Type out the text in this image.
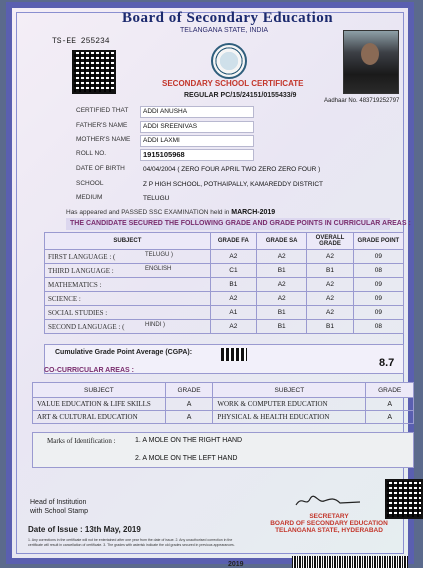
Board of Secondary Education
TELANGANA STATE, INDIA
TS-EE 255234
SECONDARY SCHOOL CERTIFICATE
REGULAR PC/15/24151/0155433/9
Aadhaar No. 483719252797
CERTIFIED THAT	ADDI ANUSHA
FATHER'S NAME	ADDI SREENIVAS
MOTHER'S NAME	ADDI LAXMI
ROLL NO.	1915105968
DATE OF BIRTH	04/04/2004 ( ZERO FOUR APRIL TWO ZERO ZERO FOUR )
SCHOOL	Z P HIGH SCHOOL, POTHAIPALLY, KAMAREDDY DISTRICT
MEDIUM	TELUGU
Has appeared and PASSED SSC EXAMINATION held in MARCH-2019
THE CANDIDATE SECURED THE FOLLOWING GRADE AND GRADE POINTS IN CURRICULAR AREAS :
SUBJECT	GRADE FA	GRADE SA	OVERALL GRADE	GRADE POINT
FIRST LANGUAGE : ( TELUGU )	A2	A2	A2	09
THIRD LANGUAGE : ENGLISH	C1	B1	B1	08
MATHEMATICS :	B1	A2	A2	09
SCIENCE :	A2	A2	A2	09
SOCIAL STUDIES :	A1	B1	A2	09
SECOND LANGUAGE : ( HINDI )	A2	B1	B1	08
Cumulative Grade Point Average (CGPA):
8.7
CO-CURRICULAR AREAS :
SUBJECT	GRADE	SUBJECT	GRADE
VALUE EDUCATION & LIFE SKILLS	A	WORK & COMPUTER EDUCATION	A
ART & CULTURAL EDUCATION	A	PHYSICAL & HEALTH EDUCATION	A
Marks of Identification :	1. A MOLE ON THE RIGHT HAND
2. A MOLE ON THE LEFT HAND
Head of Institution
with School Stamp
Date of Issue : 13th May, 2019
SECRETARY
BOARD OF SECONDARY EDUCATION
TELANGANA STATE, HYDERABAD
1. Any corrections in the certificate will not be entertained after one year from the date of issue. 2. Any unauthorised correction in the certificate will result in cancellation of certificate. 3. The grades with asterisk indicate the old grades secured in previous appearances.
2019
